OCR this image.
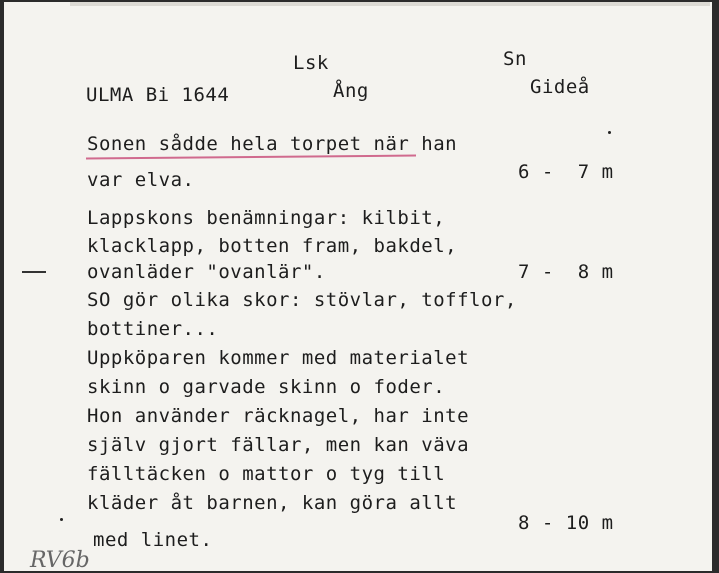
ULMA Bi 1644
Lsk
Ång
Sn
Gideå
Sonen sådde hela torpet när han
var elva.	6 -  7 m
Lappskons benämningar: kilbit,
klacklapp, botten fram, bakdel,
ovanläder "ovanlär".	7 -  8 m
SO gör olika skor: stövlar, tofflor,
bottiner...
Uppköparen kommer med materialet
skinn o garvade skinn o foder.
Hon använder räcknagel, har inte
själv gjort fällar, men kan väva
fälltäcken o mattor o tyg till
kläder åt barnen, kan göra allt
8 - 10 m
med linet.
RV6b
